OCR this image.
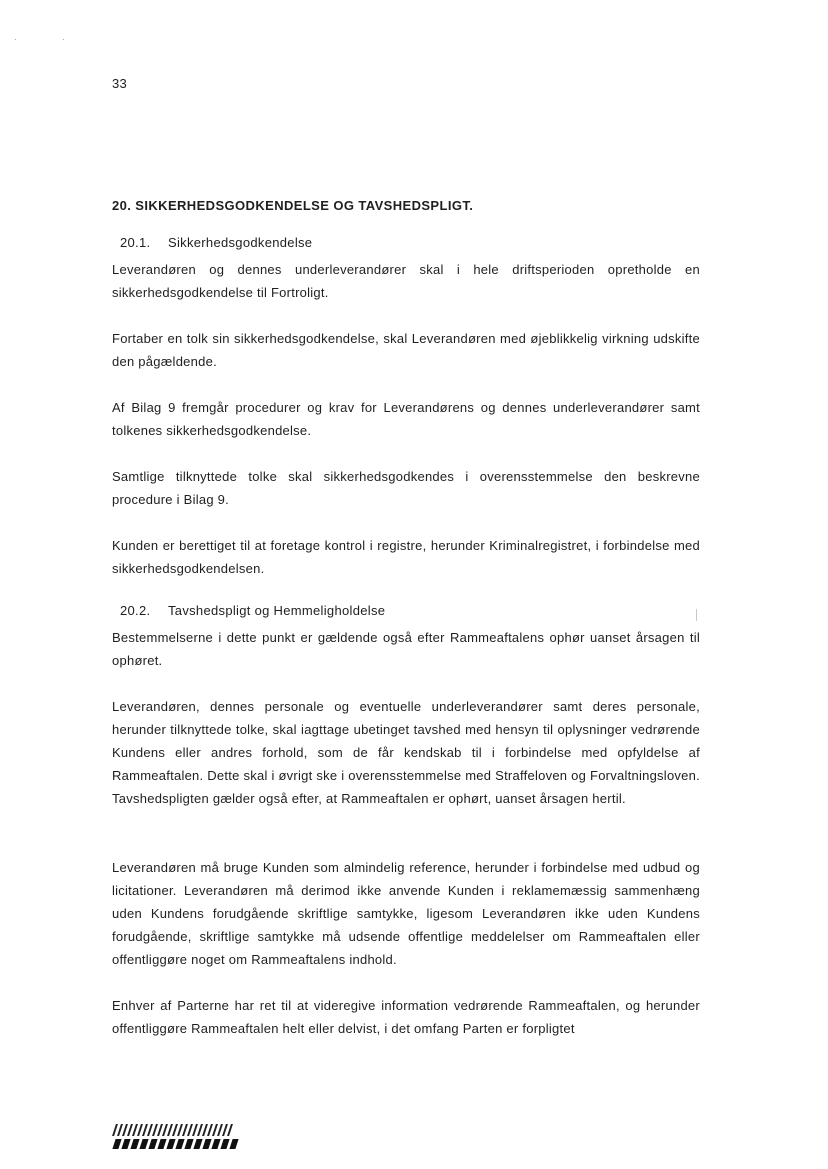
·	·
33
20. SIKKERHEDSGODKENDELSE OG TAVSHEDSPLIGT.
20.1. Sikkerhedsgodkendelse

Leverandøren og dennes underleverandører skal i hele driftsperioden opretholde en sikkerhedsgodkendelse til Fortroligt.

Fortaber en tolk sin sikkerhedsgodkendelse, skal Leverandøren med øjeblikkelig virkning udskifte den pågældende.

Af Bilag 9 fremgår procedurer og krav for Leverandørens og dennes underleverandører samt tolkenes sikkerhedsgodkendelse.

Samtlige tilknyttede tolke skal sikkerhedsgodkendes i overensstemmelse den beskrevne procedure i Bilag 9.

Kunden er berettiget til at foretage kontrol i registre, herunder Kriminalregistret, i forbindelse med sikkerhedsgodkendelsen.

20.2. Tavshedspligt og Hemmeligholdelse

Bestemmelserne i dette punkt er gældende også efter Rammeaftalens ophør uanset årsagen til ophøret.

Leverandøren, dennes personale og eventuelle underleverandører samt deres personale, herunder tilknyttede tolke, skal iagttage ubetinget tavshed med hensyn til oplysninger vedrørende Kundens eller andres forhold, som de får kendskab til i forbindelse med opfyldelse af Rammeaftalen. Dette skal i øvrigt ske i overensstemmelse med Straffeloven og Forvaltningsloven. Tavshedspligten gælder også efter, at Rammeaftalen er ophørt, uanset årsagen hertil.

Leverandøren må bruge Kunden som almindelig reference, herunder i forbindelse med udbud og licitationer. Leverandøren må derimod ikke anvende Kunden i reklamemæssig sammenhæng uden Kundens forudgående skriftlige samtykke, ligesom Leverandøren ikke uden Kundens forudgående, skriftlige samtykke må udsende offentlige meddelelser om Rammeaftalen eller offentliggøre noget om Rammeaftalens indhold.

Enhver af Parterne har ret til at videregive information vedrørende Rammeaftalen, og herunder offentliggøre Rammeaftalen helt eller delvist, i det omfang Parten er forpligtet
